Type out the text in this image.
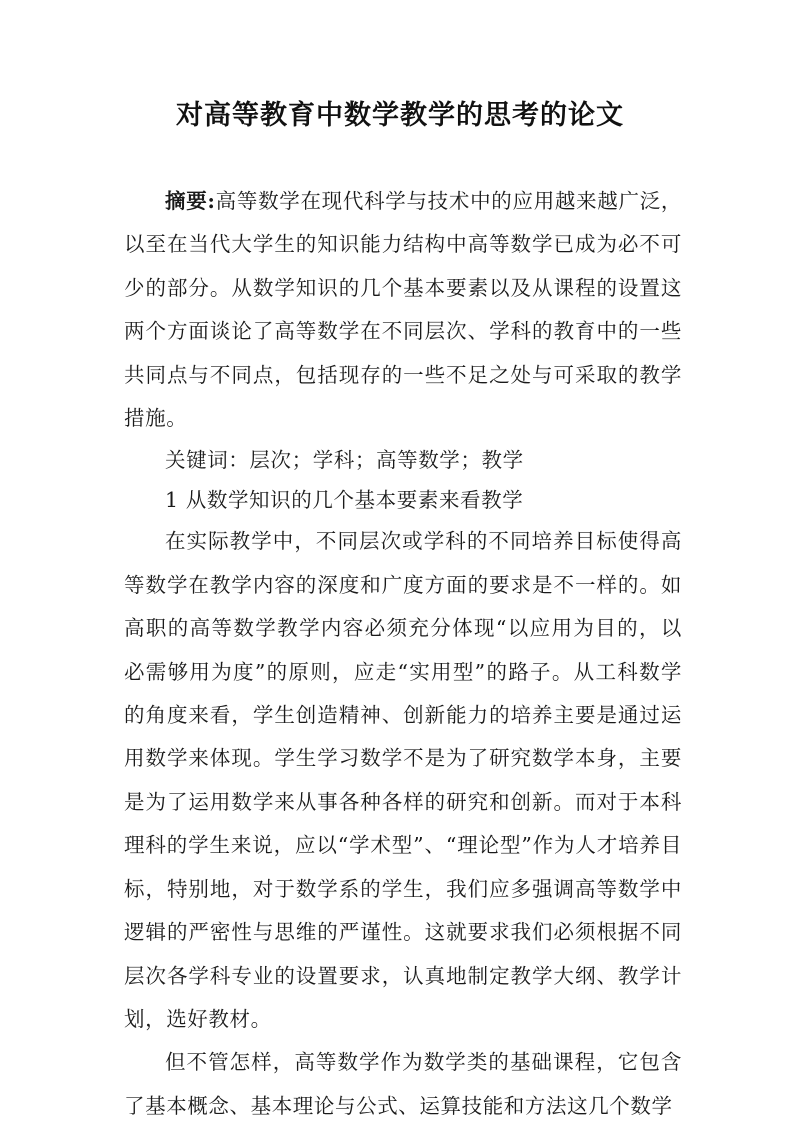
对高等教育中数学教学的思考的论文

摘要:高等数学在现代科学与技术中的应用越来越广泛，以至在当代大学生的知识能力结构中高等数学已成为必不可少的部分。从数学知识的几个基本要素以及从课程的设置这两个方面谈论了高等数学在不同层次、学科的教育中的一些共同点与不同点，包括现存的一些不足之处与可采取的教学措施。

关键词：层次；学科；高等数学；教学

1 从数学知识的几个基本要素来看教学

在实际教学中，不同层次或学科的不同培养目标使得高等数学在教学内容的深度和广度方面的要求是不一样的。如高职的高等数学教学内容必须充分体现“以应用为目的，以必需够用为度”的原则，应走“实用型”的路子。从工科数学的角度来看，学生创造精神、创新能力的培养主要是通过运用数学来体现。学生学习数学不是为了研究数学本身，主要是为了运用数学来从事各种各样的研究和创新。而对于本科理科的学生来说，应以“学术型”、“理论型”作为人才培养目标，特别地，对于数学系的学生，我们应多强调高等数学中逻辑的严密性与思维的严谨性。这就要求我们必须根据不同层次各学科专业的设置要求，认真地制定教学大纲、教学计划，选好教材。

但不管怎样，高等数学作为数学类的基础课程，它包含了基本概念、基本理论与公式、运算技能和方法这几个数学
